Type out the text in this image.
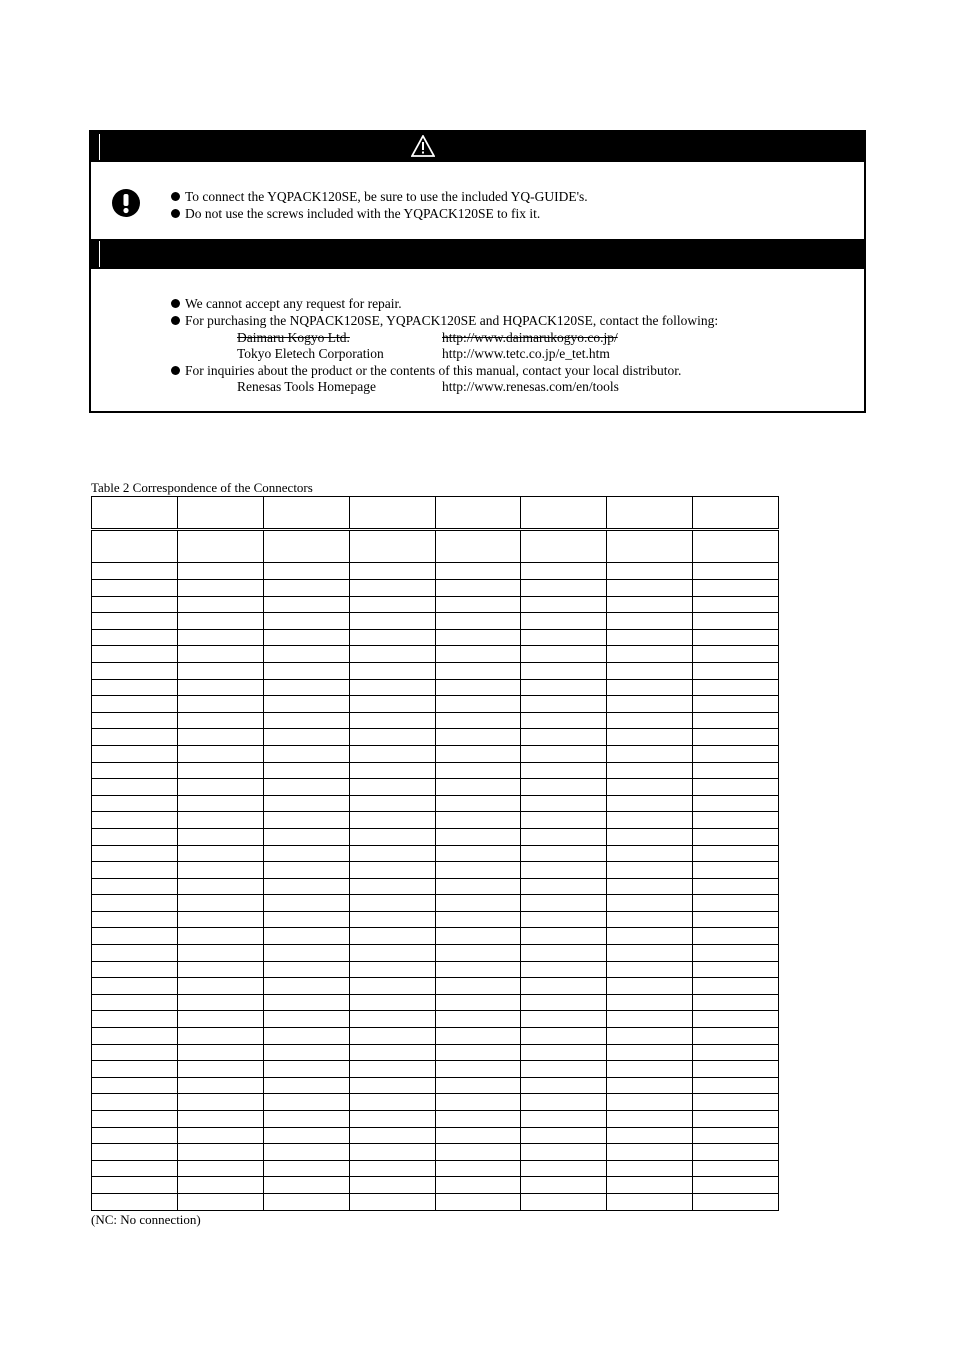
To connect the YQPACK120SE, be sure to use the included YQ-GUIDE's.
Do not use the screws included with the YQPACK120SE to fix it.
We cannot accept any request for repair.
For purchasing the NQPACK120SE, YQPACK120SE and HQPACK120SE, contact the following:
Daimaru Kogyo Ltd.	http://www.daimarukogyo.co.jp/
Tokyo Eletech Corporation	http://www.tetc.co.jp/e_tet.htm
For inquiries about the product or the contents of this manual, contact your local distributor.
Renesas Tools Homepage	http://www.renesas.com/en/tools
Table 2 Correspondence of the Connectors

(NC: No connection)
